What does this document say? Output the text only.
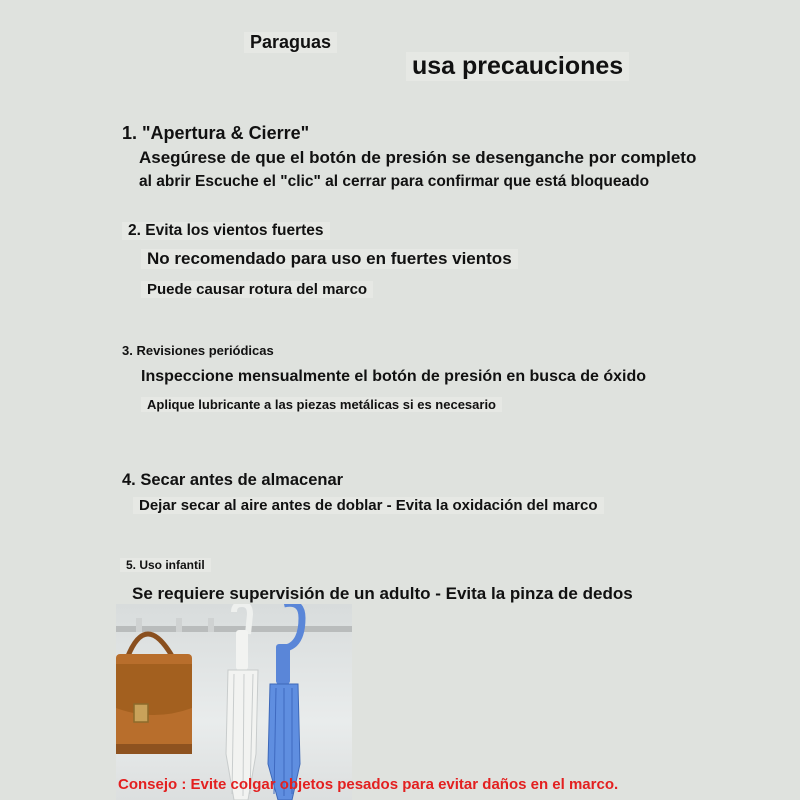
Paraguas
usa precauciones
1. "Apertura & Cierre"
Asegúrese de que el botón de presión se desenganche por completo
al abrir Escuche el "clic" al cerrar para confirmar que está bloqueado
2. Evita los vientos fuertes
No recomendado para uso en fuertes vientos
Puede causar rotura del marco
3. Revisiones periódicas
Inspeccione mensualmente el botón de presión en busca de óxido
Aplique lubricante a las piezas metálicas si es necesario
4. Secar antes de almacenar
Dejar secar al aire antes de doblar - Evita la oxidación del marco
5. Uso infantil
Se requiere supervisión de un adulto - Evita la pinza de dedos
Consejo : Evite colgar objetos pesados para evitar daños en el marco.
